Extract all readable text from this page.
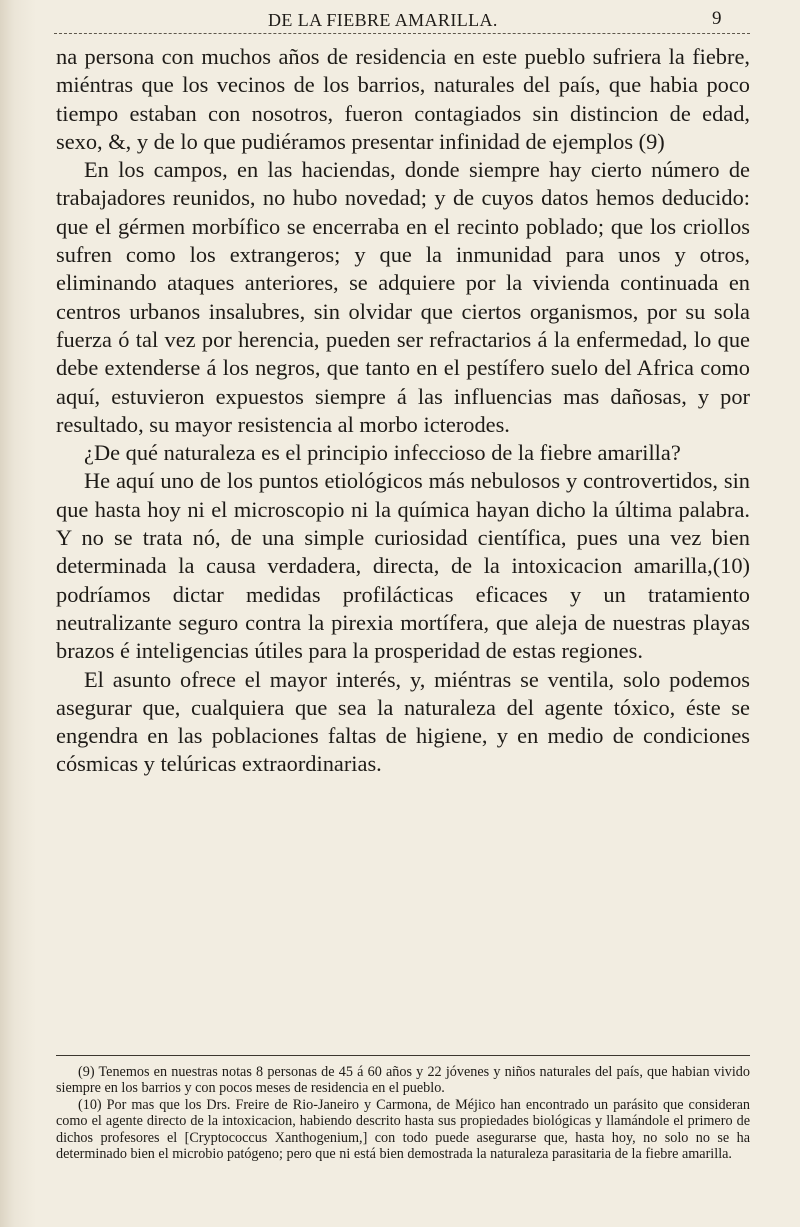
DE LA FIEBRE AMARILLA.	9

na persona con muchos años de residencia en este pueblo sufriera la fiebre, miéntras que los vecinos de los barrios, naturales del país, que habia poco tiempo estaban con nosotros, fueron contagiados sin distincion de edad, sexo, &, y de lo que pudiéramos presentar infinidad de ejemplos (9)

En los campos, en las haciendas, donde siempre hay cierto número de trabajadores reunidos, no hubo novedad; y de cuyos datos hemos deducido: que el gérmen morbífico se encerraba en el recinto poblado; que los criollos sufren como los extrangeros; y que la inmunidad para unos y otros, eliminando ataques anteriores, se adquiere por la vivienda continuada en centros urbanos insalubres, sin olvidar que ciertos organismos, por su sola fuerza ó tal vez por herencia, pueden ser refractarios á la enfermedad, lo que debe extenderse á los negros, que tanto en el pestífero suelo del Africa como aquí, estuvieron expuestos siempre á las influencias mas dañosas, y por resultado, su mayor resistencia al morbo icterodes.

¿De qué naturaleza es el principio infeccioso de la fiebre amarilla?

He aquí uno de los puntos etiológicos más nebulosos y controvertidos, sin que hasta hoy ni el microscopio ni la química hayan dicho la última palabra. Y no se trata nó, de una simple curiosidad científica, pues una vez bien determinada la causa verdadera, directa, de la intoxicacion amarilla,(10) podríamos dictar medidas profilácticas eficaces y un tratamiento neutralizante seguro contra la pirexia mortífera, que aleja de nuestras playas brazos é inteligencias útiles para la prosperidad de estas regiones.

El asunto ofrece el mayor interés, y, miéntras se ventila, solo podemos asegurar que, cualquiera que sea la naturaleza del agente tóxico, éste se engendra en las poblaciones faltas de higiene, y en medio de condiciones cósmicas y telúricas extraordinarias.

(9) Tenemos en nuestras notas 8 personas de 45 á 60 años y 22 jóvenes y niños naturales del país, que habian vivido siempre en los barrios y con pocos meses de residencia en el pueblo.

(10) Por mas que los Drs. Freire de Rio-Janeiro y Carmona, de Méjico han encontrado un parásito que consideran como el agente directo de la intoxicacion, habiendo descrito hasta sus propiedades biológicas y llamándole el primero de dichos profesores el [Cryptococcus Xanthogenium,] con todo puede asegurarse que, hasta hoy, no solo no se ha determinado bien el microbio patógeno; pero que ni está bien demostrada la naturaleza parasitaria de la fiebre amarilla.
